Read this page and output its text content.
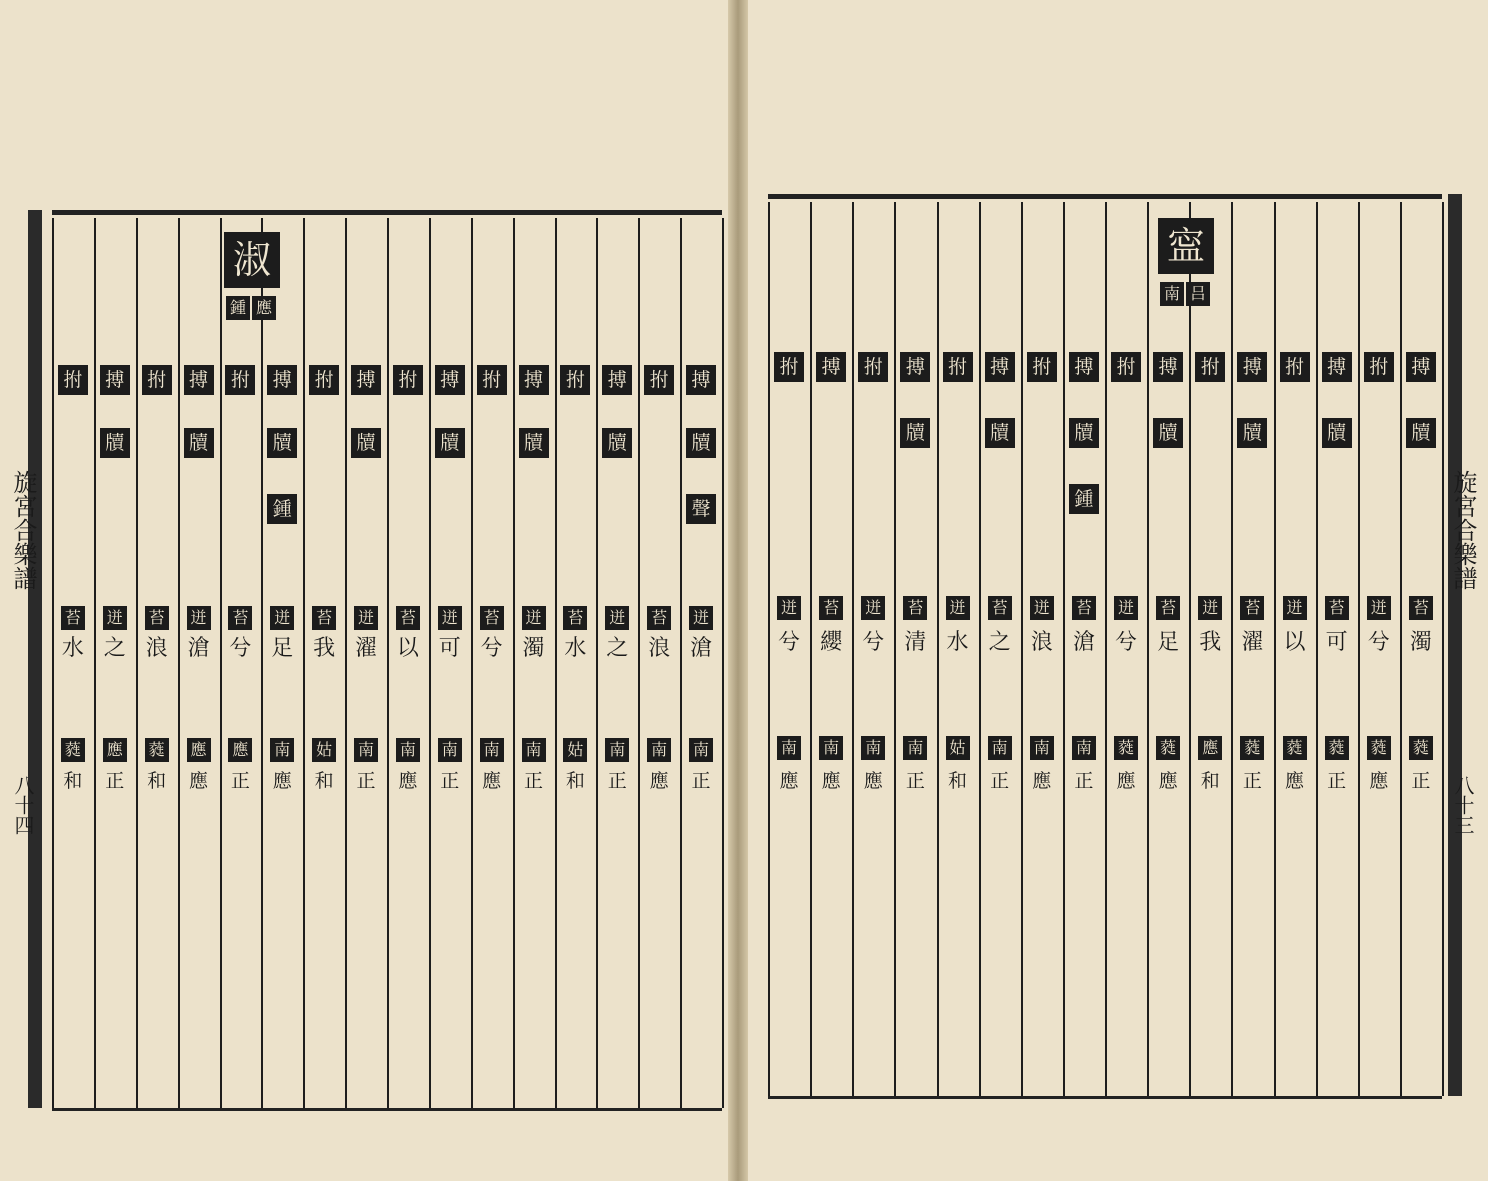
旋宮合樂譜
八十四
搏
牘
聲
迸
滄
南
正
拊
苔
浪
南
應
搏
牘
迸
之
南
正
拊
苔
水
姑
和
搏
牘
迸
濁
南
正
拊
苔
兮
南
應
搏
牘
迸
可
南
正
拊
苔
以
南
應
搏
牘
迸
濯
南
正
拊
苔
我
姑
和
搏
牘
鍾
迸
足
南
應
拊
苔
兮
應
正
搏
牘
迸
滄
應
應
拊
苔
浪
蕤
和
搏
牘
迸
之
應
正
拊
苔
水
蕤
和
淑
鍾 應
旋宮合樂譜
八十三
搏
牘
苔
濁
蕤
正
拊
迸
兮
蕤
應
搏
牘
苔
可
蕤
正
拊
迸
以
蕤
應
搏
牘
苔
濯
蕤
正
拊
迸
我
應
和
搏
牘
苔
足
蕤
應
拊
迸
兮
蕤
應
搏
牘
鍾
苔
滄
南
正
拊
迸
浪
南
應
搏
牘
苔
之
南
正
拊
迸
水
姑
和
搏
牘
苔
清
南
正
拊
迸
兮
南
應
搏
苔
纓
南
應
拊
迸
兮
南
應
寍
南 吕
